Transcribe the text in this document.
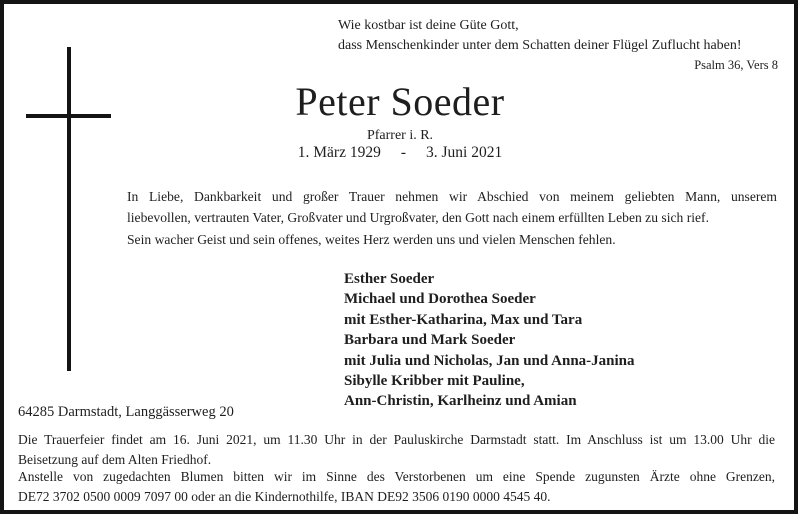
Wie kostbar ist deine Güte Gott,
dass Menschenkinder unter dem Schatten deiner Flügel Zuflucht haben!
Psalm 36, Vers 8
Peter Soeder
Pfarrer i. R.
1. März 1929 - 3. Juni 2021
In Liebe, Dankbarkeit und großer Trauer nehmen wir Abschied von meinem geliebten Mann, unserem
liebevollen, vertrauten Vater, Großvater und Urgroßvater, den Gott nach einem erfüllten Leben zu sich rief.
Sein wacher Geist und sein offenes, weites Herz werden uns und vielen Menschen fehlen.
Esther Soeder
Michael und Dorothea Soeder
mit Esther-Katharina, Max und Tara
Barbara und Mark Soeder
mit Julia und Nicholas, Jan und Anna-Janina
Sibylle Kribber mit Pauline,
Ann-Christin, Karlheinz und Amian
64285 Darmstadt, Langgässerweg 20
Die Trauerfeier findet am 16. Juni 2021, um 11.30 Uhr in der Pauluskirche Darmstadt statt. Im Anschluss ist um 13.00 Uhr die
Beisetzung auf dem Alten Friedhof.
Anstelle von zugedachten Blumen bitten wir im Sinne des Verstorbenen um eine Spende zugunsten Ärzte ohne Grenzen,
DE72 3702 0500 0009 7097 00 oder an die Kindernothilfe, IBAN DE92 3506 0190 0000 4545 40.
